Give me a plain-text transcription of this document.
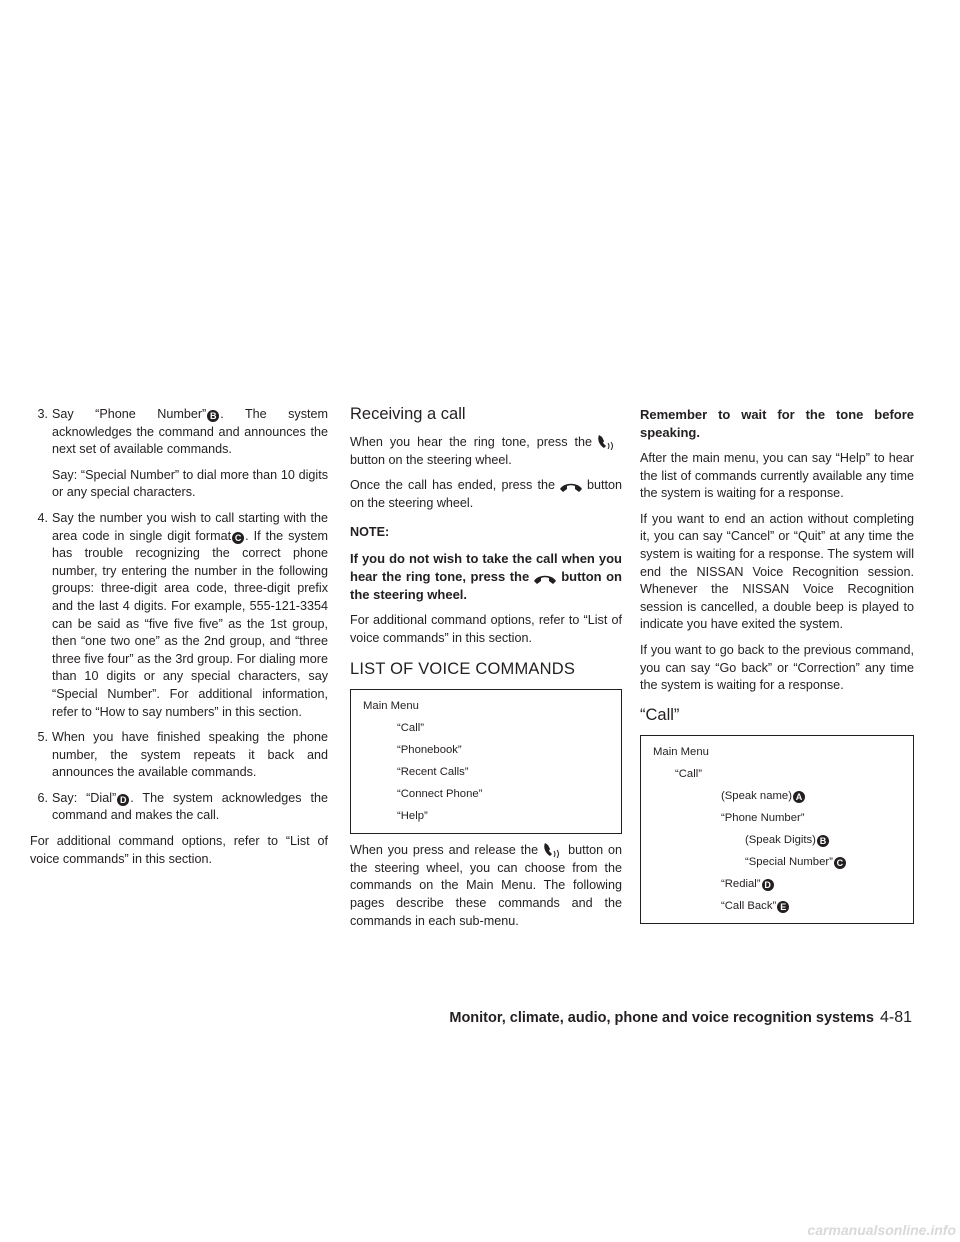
3. Say “Phone Number” B . The system acknowledges the command and announces the next set of available commands.

Say: “Special Number” to dial more than 10 digits or any special characters.

4. Say the number you wish to call starting with the area code in single digit format C . If the system has trouble recognizing the correct phone number, try entering the number in the following groups: three-digit area code, three-digit prefix and the last 4 digits. For example, 555-121-3354 can be said as “five five five” as the 1st group, then “one two one” as the 2nd group, and “three three five four” as the 3rd group. For dialing more than 10 digits or any special characters, say “Special Number”. For additional information, refer to “How to say numbers” in this section.

5. When you have finished speaking the phone number, the system repeats it back and announces the available commands.

6. Say: “Dial” D . The system acknowledges the command and makes the call.

For additional command options, refer to “List of voice commands” in this section.

Receiving a call

When you hear the ring tone, press thebutton on the steering wheel.

Once the call has ended, press the	button on the steering wheel.

NOTE:

If you do not wish to take the call when you hear the ring tone, press the button on the steering wheel.

For additional command options, refer to “List of voice commands” in this section.

LIST OF VOICE COMMANDS
Main Menu
“Call”
“Phonebook”
“Recent Calls”
“Connect Phone”
“Help”

When you press and release the button on the steering wheel, you can choose from the commands on the Main Menu. The following pages describe these commands and the commands in each sub-menu.

Remember to wait for the tone before speaking.

After the main menu, you can say “Help” to hear the list of commands currently available any time the system is waiting for a response.

If you want to end an action without completing it, you can say “Cancel” or “Quit” at any time the system is waiting for a response. The system will end the NISSAN Voice Recognition session. Whenever the NISSAN Voice Recognition session is cancelled, a double beep is played to indicate you have exited the system.

If you want to go back to the previous command, you can say “Go back” or “Correction” any time the system is waiting for a response.

“Call”
Main Menu
“Call”
(Speak name) A
“Phone Number”
(Speak Digits) B
“Special Number” C
“Redial” D
“Call Back” E
Monitor, climate, audio, phone and voice recognition systems 4-81
carmanualsonline.info
